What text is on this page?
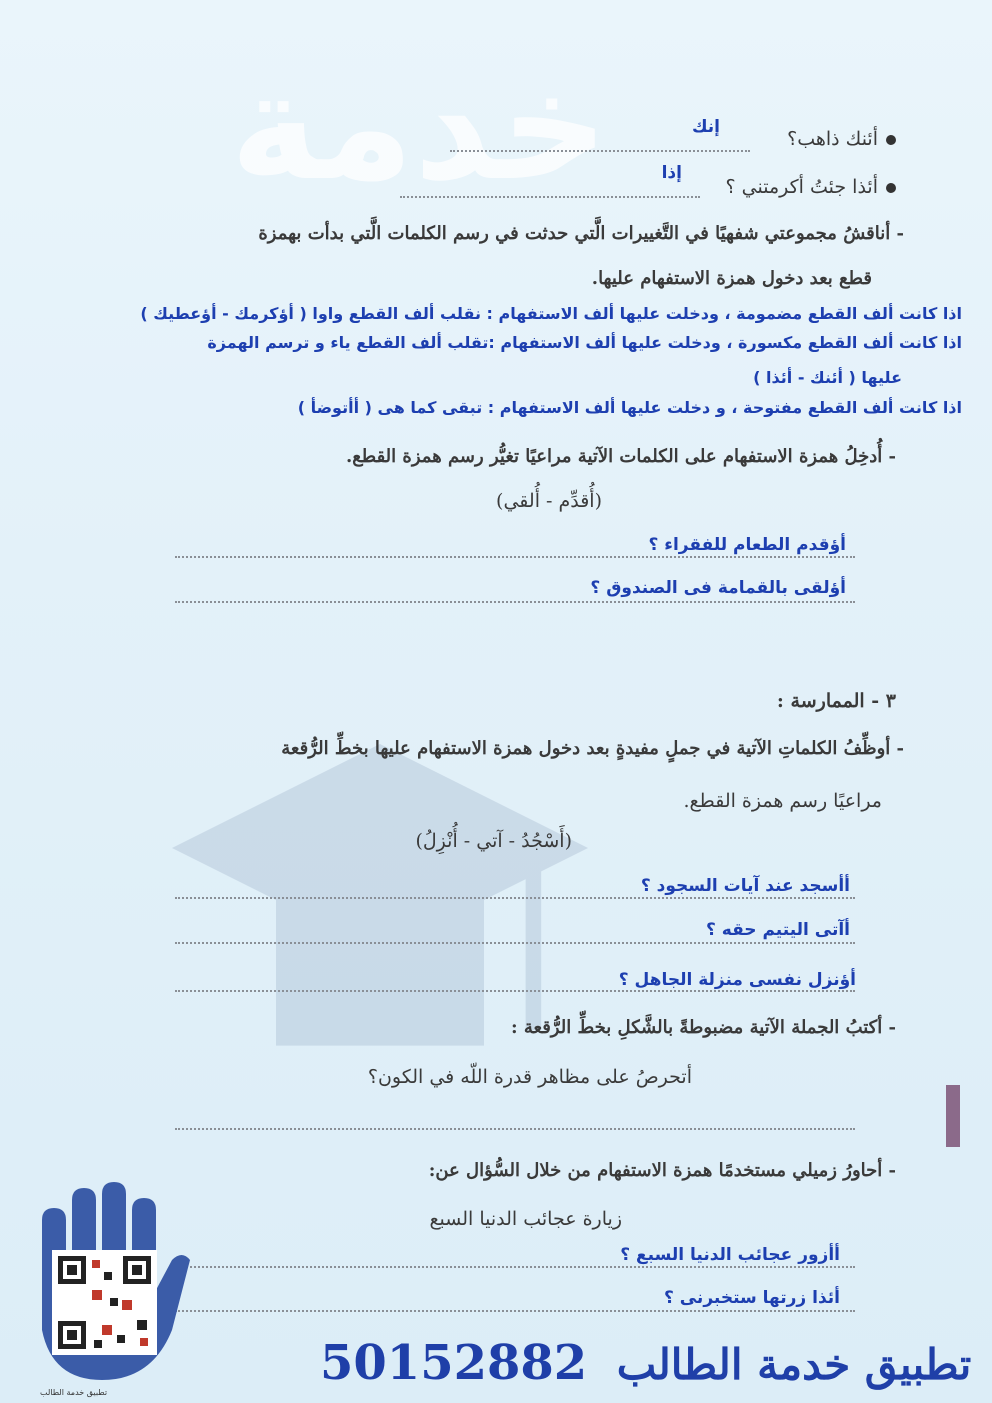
خدمة	إنك
أئنك ذاهب؟
إذا
أئذا جئتُ أكرمتني ؟
- أناقشُ مجموعتي شفهيًا في التَّغييرات الَّتي حدثت في رسم الكلمات الَّتي بدأت بهمزة
قطع بعد دخول همزة الاستفهام عليها.
اذا كانت ألف القطع مضمومة ، ودخلت عليها ألف الاستفهام : نقلب ألف القطع واوا ( أؤكرمك - أؤعطيك )
اذا كانت ألف القطع مكسورة ، ودخلت عليها ألف الاستفهام :تقلب ألف القطع ياء و ترسم الهمزة
عليها ( أئنك - أئذا )
اذا كانت ألف القطع مفتوحة ، و دخلت عليها ألف الاستفهام : تبقى كما هى ( أأتوضأ )
- أُدخِلُ همزة الاستفهام على الكلمات الآتية مراعيًا تغيُّر رسم همزة القطع.
(أُقدِّم - أُلقي)
أؤقدم الطعام للفقراء ؟
أؤلقى بالقمامة فى الصندوق ؟
٣ - الممارسة :
- أوظِّفُ الكلماتِ الآتية في جملٍ مفيدةٍ بعد دخول همزة الاستفهام عليها بخطِّ الرُّقعة
مراعيًا رسم همزة القطع.
(أَسْجُدُ - آتي - أُنْزِلُ)
أأسجد عند آيات السجود ؟
أآتى اليتيم حقه ؟
أؤنزل نفسى منزلة الجاهل ؟
- أكتبُ الجملة الآتية مضبوطةً بالشَّكلِ بخطِّ الرُّقعة :
أتحرصُ على مظاهر قدرة اللّه في الكون؟
- أحاورُ زميلي مستخدمًا همزة الاستفهام من خلال السُّؤال عن:
زيارة عجائب الدنيا السبع
أأزور عجائب الدنيا السبع ؟
أئذا زرتها ستخبرنى ؟
تطبيق خدمة الطالب
تطبيق خدمة الطالب 50152882
